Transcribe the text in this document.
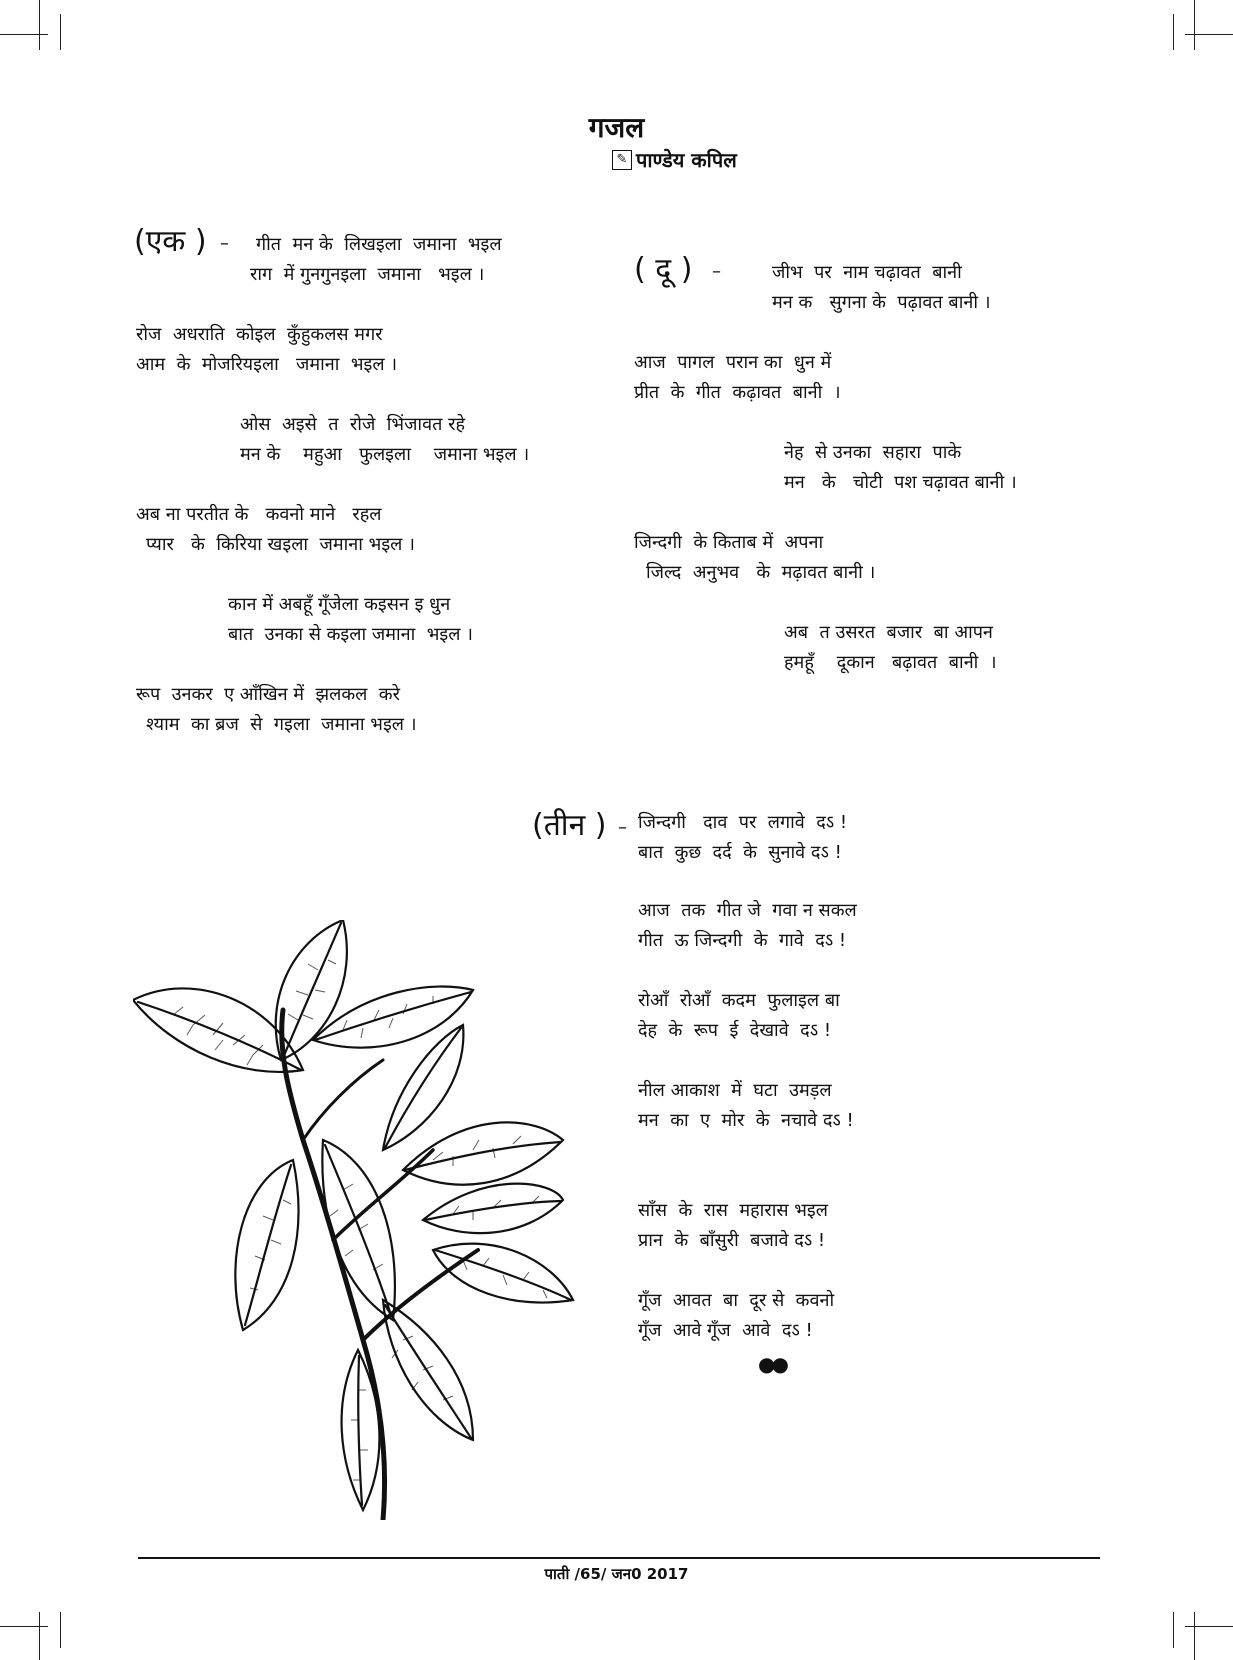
गजल
✎ पाण्डेय कपिल
(एक ) – गीत  मन के  लिखइला  जमाना  भइल
राग  में गुनगुनइला  जमाना   भइल ।
रोज  अधराति  कोइल  कुँहुकलस मगर
आम  के  मोजरियइला   जमाना  भइल ।
ओस  अइसे  त  रोजे  भिंजावत रहे
मन के    महुआ   फुलइला    जमाना भइल ।
अब ना परतीत के   कवनो माने   रहल
प्यार   के  किरिया खइला  जमाना भइल ।
कान में अबहूँ गूँजेला कइसन इ धुन
बात  उनका से कइला जमाना  भइल ।
रूप  उनकर  ए आँखिन में  झलकल  करे
श्याम  का ब्रज  से  गइला  जमाना भइल ।
( दू ) –	जीभ  पर  नाम चढ़ावत  बानी
मन क   सुगना के  पढ़ावत बानी ।
आज  पागल  परान का  धुन में
प्रीत  के  गीत  कढ़ावत  बानी  ।
नेह  से उनका  सहारा  पाके
मन   के   चोटी  पश चढ़ावत बानी ।
जिन्दगी  के किताब में  अपना
जिल्द  अनुभव   के  मढ़ावत बानी ।
अब  त उसरत  बजार  बा आपन
हमहूँ    दूकान   बढ़ावत  बानी  ।
(तीन ) – जिन्दगी   दाव  पर  लगावे  दऽ !
बात  कुछ  दर्द  के  सुनावे दऽ !
आज  तक  गीत जे  गवा न सकल
गीत  ऊ जिन्दगी  के  गावे  दऽ !
रोआँ  रोआँ  कदम  फुलाइल बा
देह  के  रूप  ई  देखावे  दऽ !
नील आकाश  में  घटा  उमड़ल
मन  का  ए  मोर  के  नचावे दऽ !
साँस  के  रास  महारास भइल
प्रान  के  बाँसुरी  बजावे दऽ !
गूँज  आवत  बा  दूर से  कवनो
गूँज  आवे गूँज  आवे  दऽ !
●●
पाती /65/ जन0 2017
